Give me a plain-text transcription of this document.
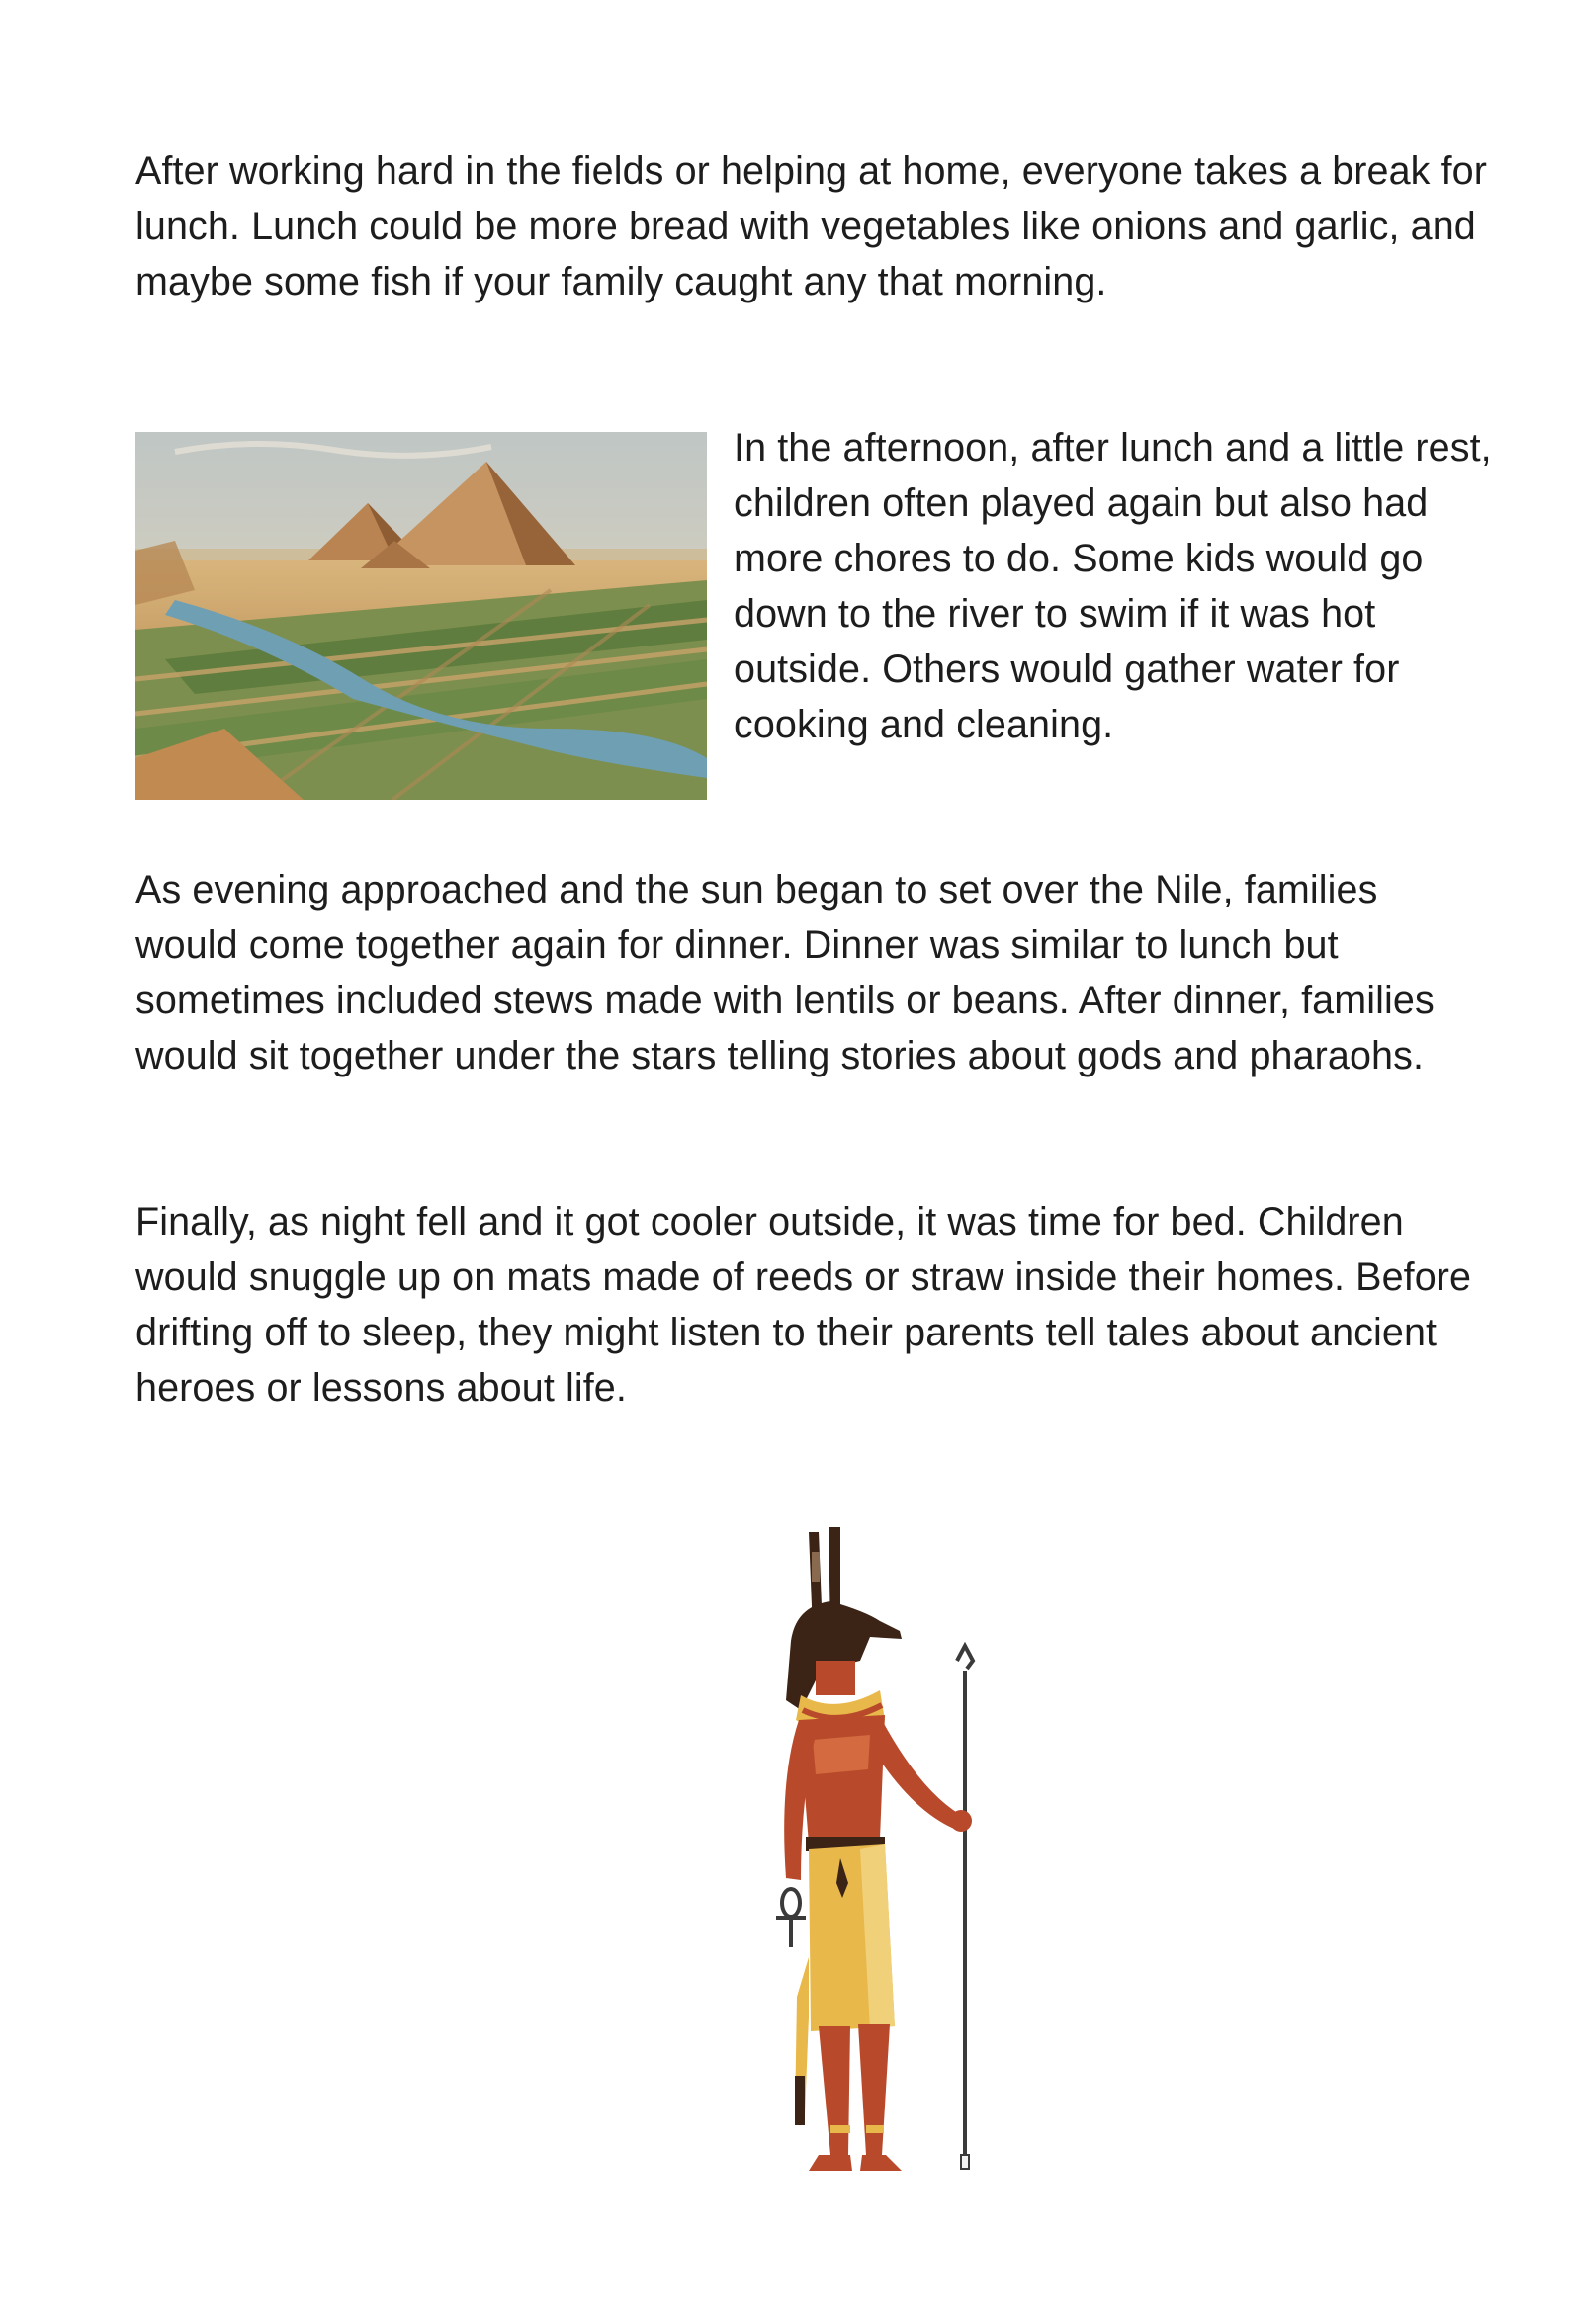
After working hard in the fields or helping at home, everyone takes a break for lunch. Lunch could be more bread with vegetables like onions and garlic, and maybe some fish if your family caught any that morning.

In the afternoon, after lunch and a little rest, children often played again but also had more chores to do. Some kids would go down to the river to swim if it was hot outside. Others would gather water for cooking and cleaning.

As evening approached and the sun began to set over the Nile, families would come together again for dinner. Dinner was similar to lunch but sometimes included stews made with lentils or beans. After dinner, families would sit together under the stars telling stories about gods and pharaohs.

Finally, as night fell and it got cooler outside, it was time for bed. Children would snuggle up on mats made of reeds or straw inside their homes. Before drifting off to sleep, they might listen to their parents tell tales about ancient heroes or lessons about life.
